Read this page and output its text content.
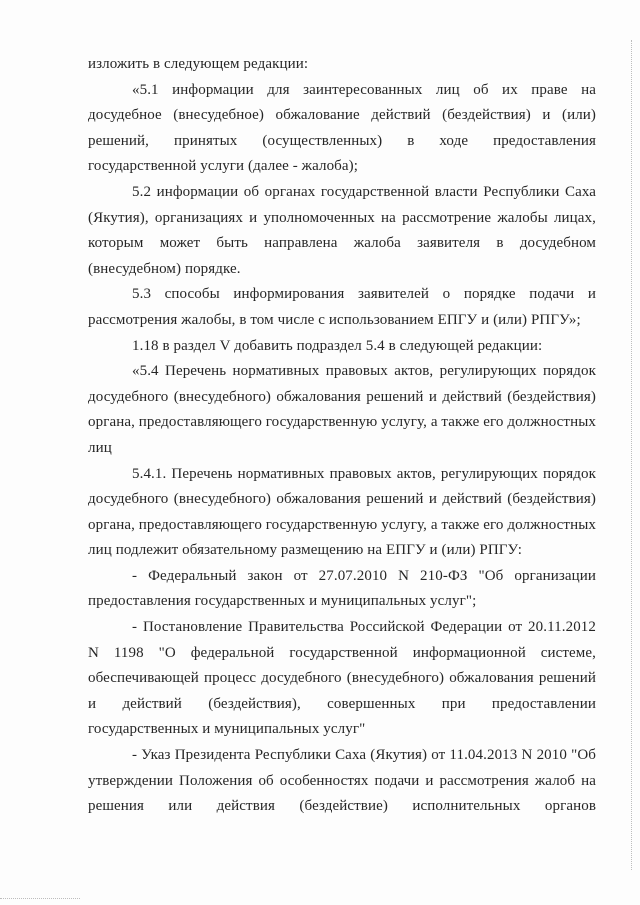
изложить в следующем редакции:

«5.1 информации для заинтересованных лиц об их праве на досудебное (внесудебное) обжалование действий (бездействия) и (или) решений, принятых (осуществленных) в ходе предоставления государственной услуги (далее - жалоба);

5.2 информации об органах государственной власти Республики Саха (Якутия), организациях и уполномоченных на рассмотрение жалобы лицах, которым может быть направлена жалоба заявителя в досудебном (внесудебном) порядке.

5.3 способы информирования заявителей о порядке подачи и рассмотрения жалобы, в том числе с использованием ЕПГУ и (или) РПГУ»;

1.18 в раздел V добавить подраздел 5.4 в следующей редакции:

«5.4 Перечень нормативных правовых актов, регулирующих порядок досудебного (внесудебного) обжалования решений и действий (бездействия) органа, предоставляющего государственную услугу, а также его должностных лиц

5.4.1. Перечень нормативных правовых актов, регулирующих порядок досудебного (внесудебного) обжалования решений и действий (бездействия) органа, предоставляющего государственную услугу, а также его должностных лиц подлежит обязательному размещению на ЕПГУ и (или) РПГУ:

- Федеральный закон от 27.07.2010 N 210-ФЗ "Об организации предоставления государственных и муниципальных услуг";

- Постановление Правительства Российской Федерации от 20.11.2012 N 1198 "О федеральной государственной информационной системе, обеспечивающей процесс досудебного (внесудебного) обжалования решений и действий (бездействия), совершенных при предоставлении государственных и муниципальных услуг"

- Указ Президента Республики Саха (Якутия) от 11.04.2013 N 2010 "Об утверждении Положения об особенностях подачи и рассмотрения жалоб на решения или действия (бездействие) исполнительных органов
